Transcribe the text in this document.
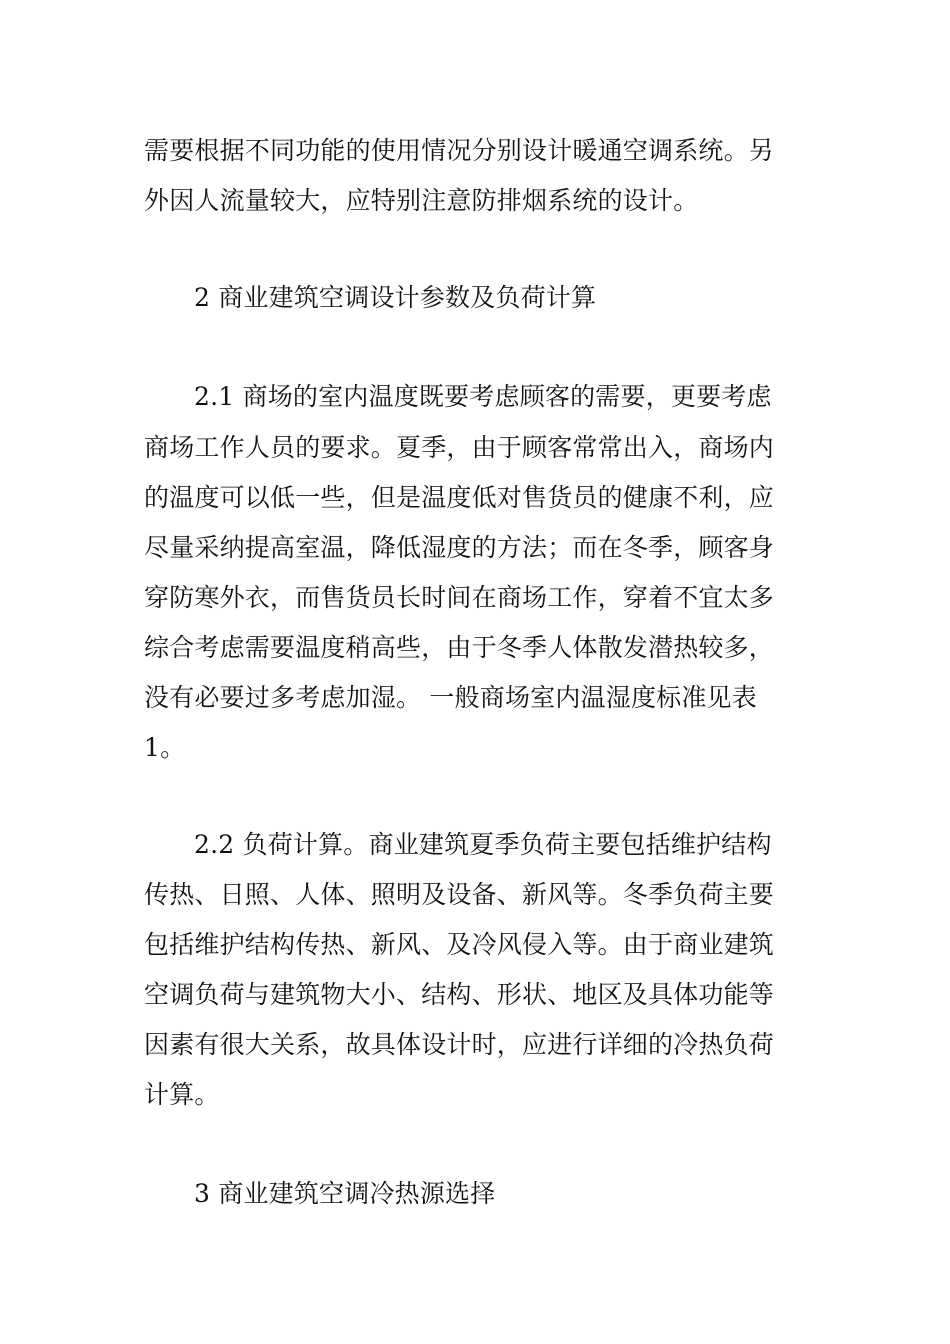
需要根据不同功能的使用情况分别设计暖通空调系统。另
外因人流量较大，应特别注意防排烟系统的设计。
2 商业建筑空调设计参数及负荷计算
2.1 商场的室内温度既要考虑顾客的需要，更要考虑
商场工作人员的要求。夏季，由于顾客常常出入，商场内
的温度可以低一些，但是温度低对售货员的健康不利，应
尽量采纳提高室温，降低湿度的方法；而在冬季，顾客身
穿防寒外衣，而售货员长时间在商场工作，穿着不宜太多
综合考虑需要温度稍高些，由于冬季人体散发潜热较多，
没有必要过多考虑加湿。 一般商场室内温湿度标准见表
1。
2.2 负荷计算。商业建筑夏季负荷主要包括维护结构
传热、日照、人体、照明及设备、新风等。冬季负荷主要
包括维护结构传热、新风、及冷风侵入等。由于商业建筑
空调负荷与建筑物大小、结构、形状、地区及具体功能等
因素有很大关系，故具体设计时，应进行详细的冷热负荷
计算。
3 商业建筑空调冷热源选择
